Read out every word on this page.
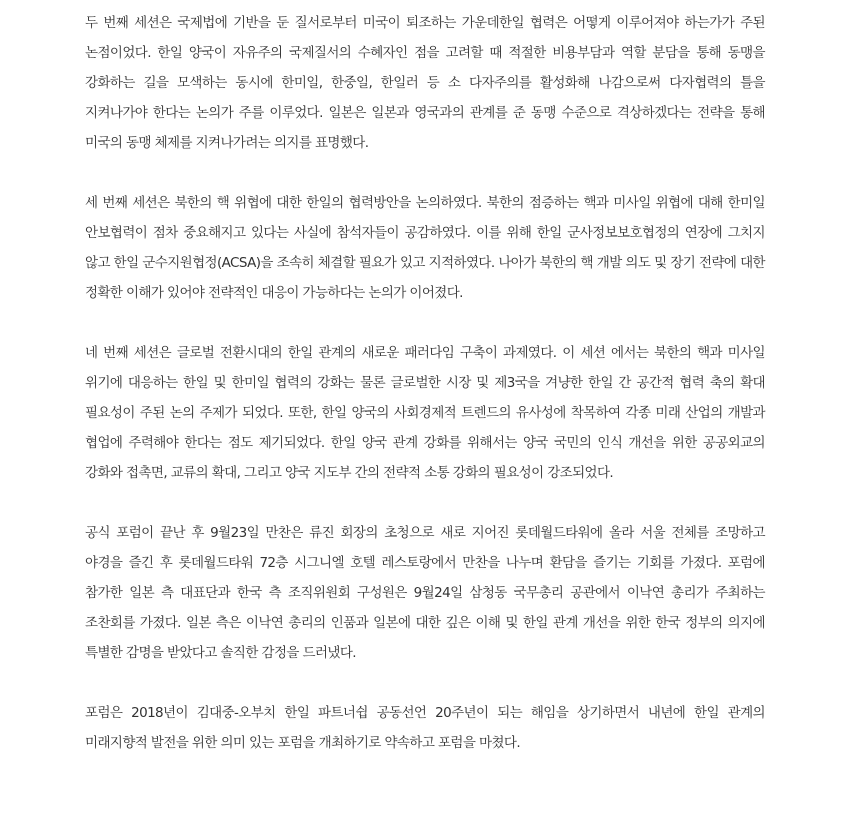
두 번째 세션은 국제법에 기반을 둔 질서로부터 미국이 퇴조하는 가운데한일 협력은 어떻게 이루어져야 하는가가 주된 논점이었다. 한일 양국이 자유주의 국제질서의 수혜자인 점을 고려할 때 적절한 비용부담과 역할 분담을 통해 동맹을 강화하는 길을 모색하는 동시에 한미일, 한중일, 한일러 등 소 다자주의를 활성화해 나감으로써 다자협력의 틀을 지켜나가야 한다는 논의가 주를 이루었다. 일본은 일본과 영국과의 관계를 준 동맹 수준으로 격상하겠다는 전략을 통해 미국의 동맹 체제를 지켜나가려는 의지를 표명했다.

세 번째 세션은 북한의 핵 위협에 대한 한일의 협력방안을 논의하였다. 북한의 점증하는 핵과 미사일 위협에 대해 한미일 안보협력이 점차 중요해지고 있다는 사실에 참석자들이 공감하였다. 이를 위해 한일 군사정보보호협정의 연장에 그치지 않고 한일 군수지원협정(ACSA)을 조속히 체결할 필요가 있고 지적하였다. 나아가 북한의 핵 개발 의도 및 장기 전략에 대한 정확한 이해가 있어야 전략적인 대응이 가능하다는 논의가 이어졌다.

네 번째 세션은 글로벌 전환시대의 한일 관계의 새로운 패러다임 구축이 과제였다. 이 세션 에서는 북한의 핵과 미사일 위기에 대응하는 한일 및 한미일 협력의 강화는 물론 글로벌한 시장 및 제3국을 겨냥한 한일 간 공간적 협력 축의 확대 필요성이 주된 논의 주제가 되었다. 또한, 한일 양국의 사회경제적 트렌드의 유사성에 착목하여 각종 미래 산업의 개발과 협업에 주력해야 한다는 점도 제기되었다. 한일 양국 관계 강화를 위해서는 양국 국민의 인식 개선을 위한 공공외교의 강화와 접촉면, 교류의 확대, 그리고 양국 지도부 간의 전략적 소통 강화의 필요성이 강조되었다.

공식 포럼이 끝난 후 9월23일 만찬은 류진 회장의 초청으로 새로 지어진 롯데월드타워에 올라 서울 전체를 조망하고 야경을 즐긴 후 롯데월드타워 72층 시그니엘 호텔 레스토랑에서 만찬을 나누며 환담을 즐기는 기회를 가졌다. 포럼에 참가한 일본 측 대표단과 한국 측 조직위원회 구성원은 9월24일 삼청동 국무총리 공관에서 이낙연 총리가 주최하는 조찬회를 가졌다. 일본 측은 이낙연 총리의 인품과 일본에 대한 깊은 이해 및 한일 관계 개선을 위한 한국 정부의 의지에 특별한 감명을 받았다고 솔직한 감정을 드러냈다.

포럼은 2018년이 김대중-오부치 한일 파트너쉽 공동선언 20주년이 되는 해임을 상기하면서 내년에 한일 관계의 미래지향적 발전을 위한 의미 있는 포럼을 개최하기로 약속하고 포럼을 마쳤다.
